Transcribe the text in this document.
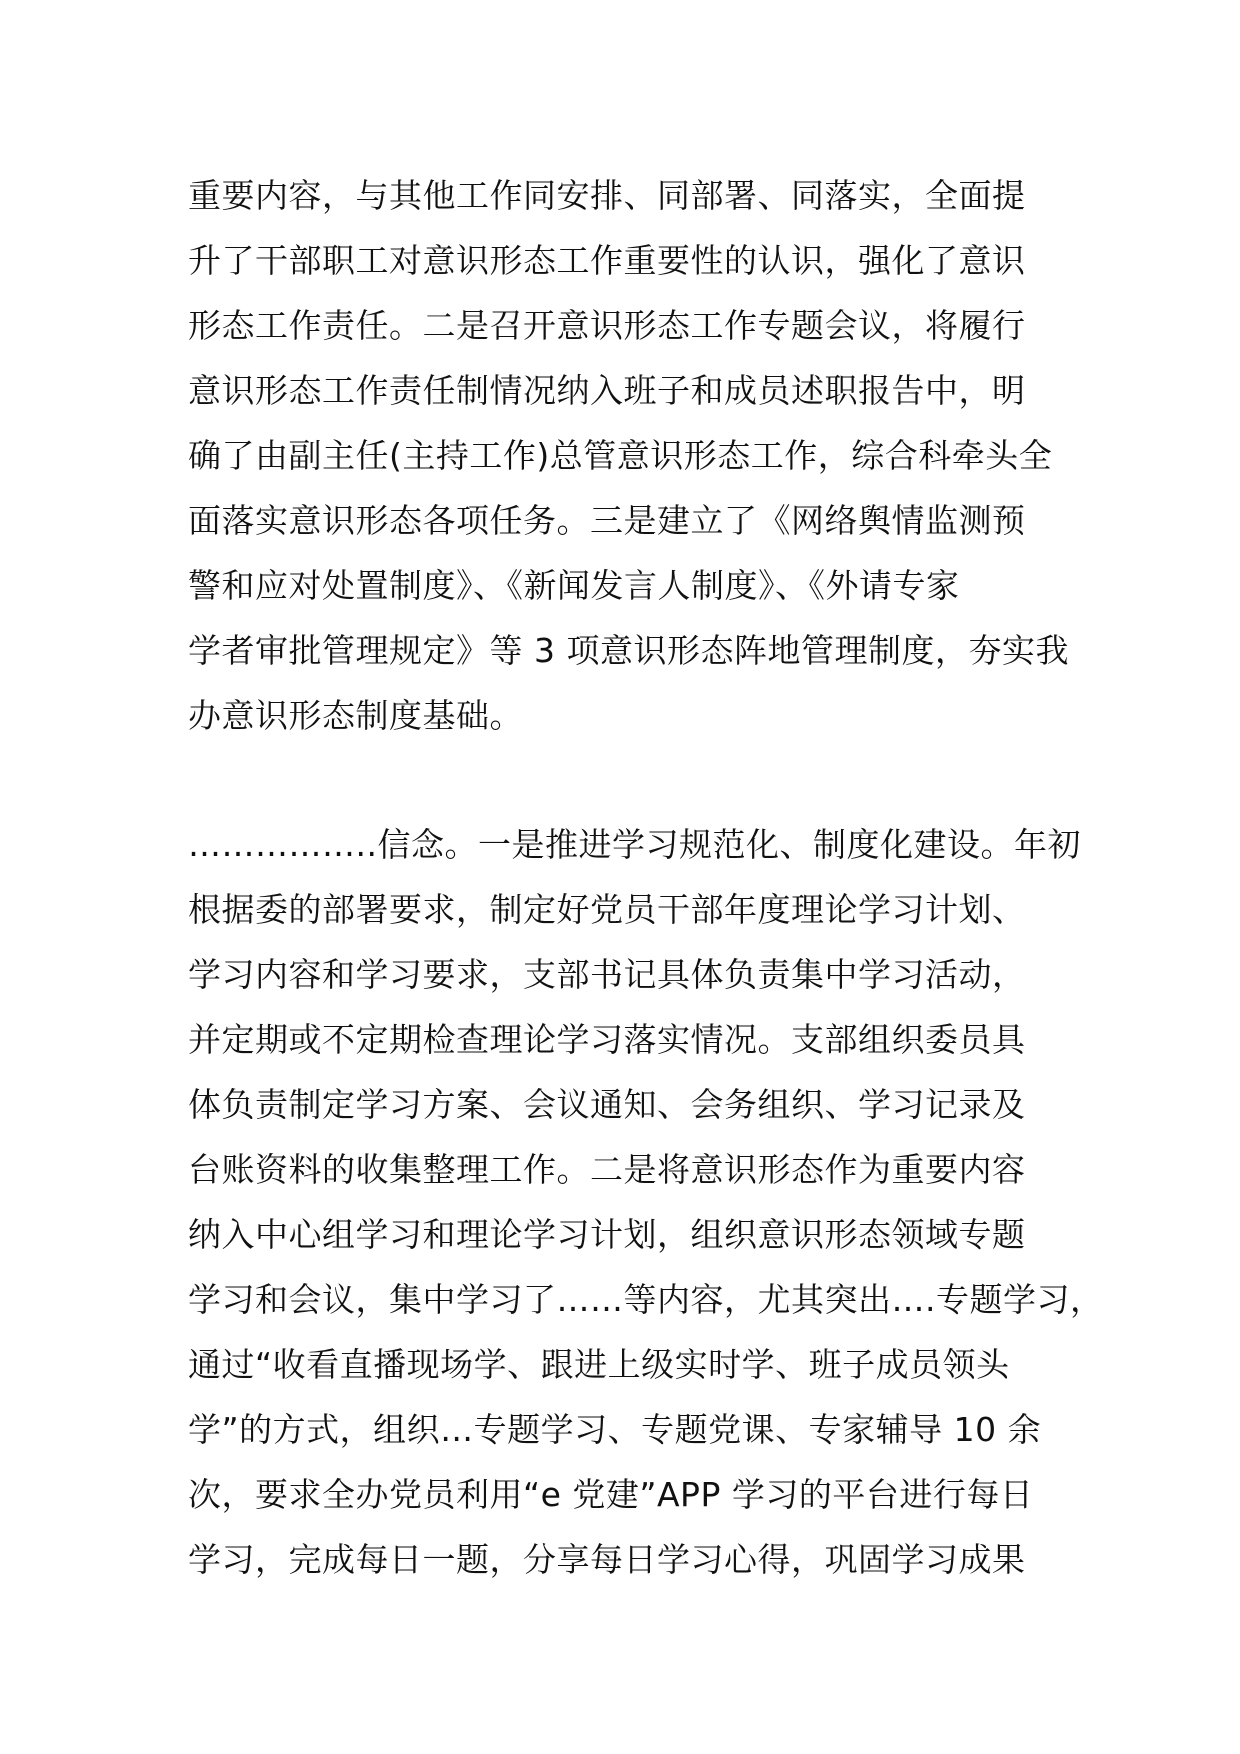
重要内容，与其他工作同安排、同部署、同落实，全面提
升了干部职工对意识形态工作重要性的认识，强化了意识
形态工作责任。二是召开意识形态工作专题会议，将履行
意识形态工作责任制情况纳入班子和成员述职报告中，明
确了由副主任(主持工作)总管意识形态工作，综合科牵头全
面落实意识形态各项任务。三是建立了《网络舆情监测预
警和应对处置制度》、《新闻发言人制度》、《外请专家
学者审批管理规定》等 3 项意识形态阵地管理制度，夯实我
办意识形态制度基础。
……………..信念。一是推进学习规范化、制度化建设。年初
根据委的部署要求，制定好党员干部年度理论学习计划、
学习内容和学习要求，支部书记具体负责集中学习活动，
并定期或不定期检查理论学习落实情况。支部组织委员具
体负责制定学习方案、会议通知、会务组织、学习记录及
台账资料的收集整理工作。二是将意识形态作为重要内容
纳入中心组学习和理论学习计划，组织意识形态领域专题
学习和会议，集中学习了……等内容，尤其突出….专题学习，
通过“收看直播现场学、跟进上级实时学、班子成员领头
学”的方式，组织…专题学习、专题党课、专家辅导 10 余
次，要求全办党员利用“e 党建”APP 学习的平台进行每日
学习，完成每日一题，分享每日学习心得，巩固学习成果
